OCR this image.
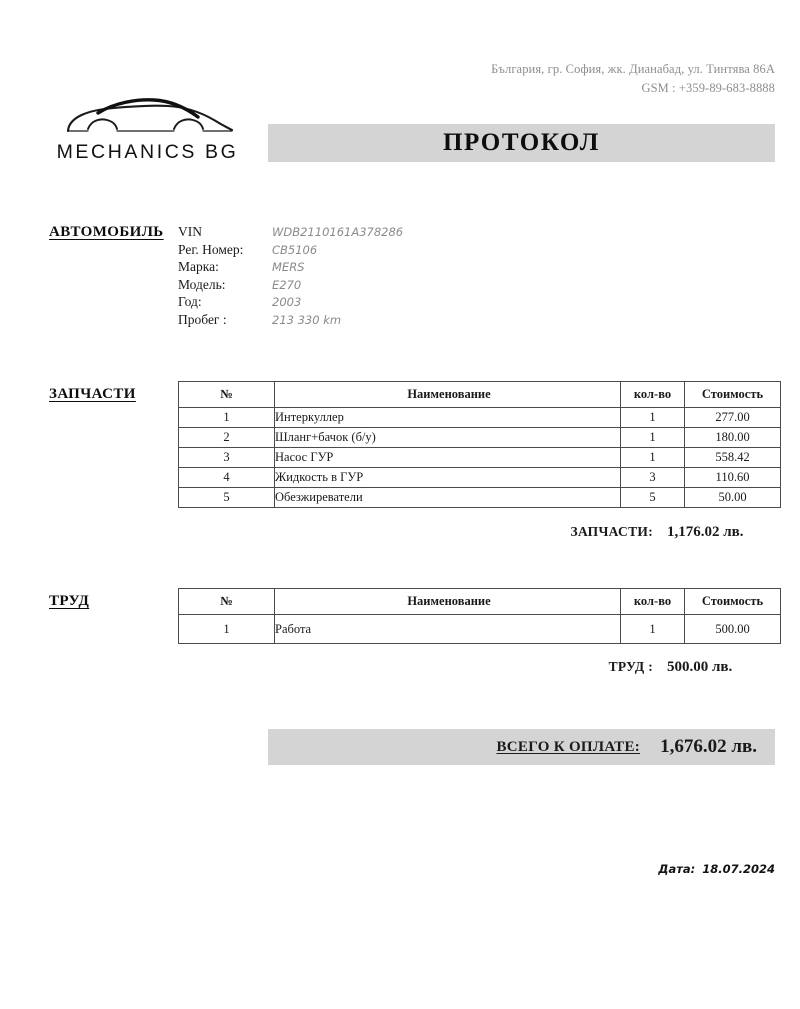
България, гр. София, жк. Дианабад, ул. Тинтява 86А
GSM : +359-89-683-8888
MECHANICS BG	ПРОТОКОЛ
АВТОМОБИЛЬ VIN	WDB2110161A378286
Рег. Номер:	CB5106
Марка:	MERS
Модель:	E270
Год:	2003
Пробег :	213 330 km
ЗАПЧАСТИ	№	Наименование	кол-во	Стоимость
1	Интеркуллер	1	277.00
2	Шланг+бачок (б/у)	1	180.00
3	Насос ГУР	1	558.42
4	Жидкость в ГУР	3	110.60
5	Обезжиреватели	5	50.00
ЗАПЧАСТИ: 1,176.02 лв.
ТРУД	№	Наименование	кол-во	Стоимость
1	Работа	1	500.00
ТРУД : 500.00 лв.
ВСЕГО К ОПЛАТЕ: 1,676.02 лв.
Дата: 18.07.2024
